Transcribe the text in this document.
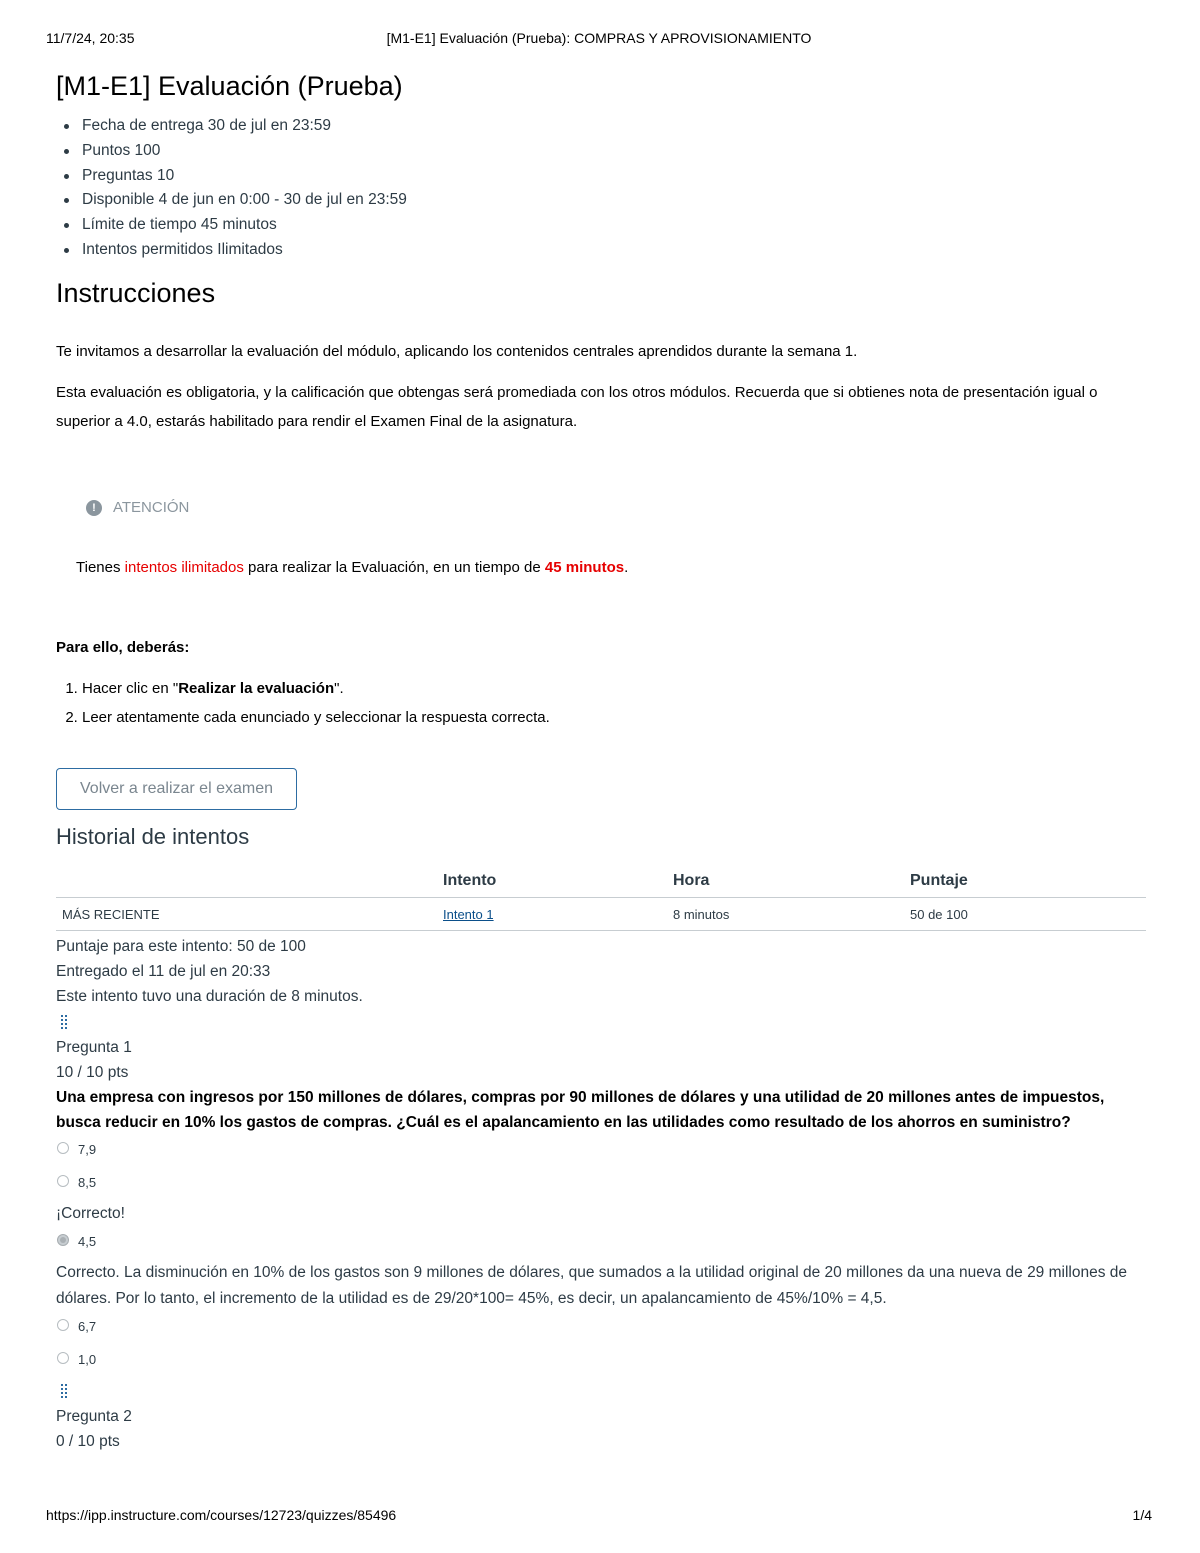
11/7/24, 20:35	[M1-E1] Evaluación (Prueba): COMPRAS Y APROVISIONAMIENTO
[M1-E1] Evaluación (Prueba)
Fecha de entrega 30 de jul en 23:59
Puntos 100
Preguntas 10
Disponible 4 de jun en 0:00 - 30 de jul en 23:59
Límite de tiempo 45 minutos
Intentos permitidos Ilimitados
Instrucciones

Te invitamos a desarrollar la evaluación del módulo, aplicando los contenidos centrales aprendidos durante la semana 1.

Esta evaluación es obligatoria, y la calificación que obtengas será promediada con los otros módulos. Recuerda que si obtienes nota de presentación igual o superior a 4.0, estarás habilitado para rendir el Examen Final de la asignatura.

!	ATENCIÓN
Tienes intentos ilimitados para realizar la Evaluación, en un tiempo de 45 minutos.
Para ello, deberás:
1. Hacer clic en "Realizar la evaluación".
2. Leer atentamente cada enunciado y seleccionar la respuesta correcta.
Volver a realizar el examen
Historial de intentos
	Intento	Hora	Puntaje
MÁS RECIENTE	Intento 1	8 minutos	50 de 100
Puntaje para este intento: 50 de 100
Entregado el 11 de jul en 20:33
Este intento tuvo una duración de 8 minutos.
Pregunta 1
10 / 10 pts
Una empresa con ingresos por 150 millones de dólares, compras por 90 millones de dólares y una utilidad de 20 millones antes de impuestos, busca reducir en 10% los gastos de compras. ¿Cuál es el apalancamiento en las utilidades como resultado de los ahorros en suministro?
7,9
8,5
¡Correcto!
4,5
Correcto. La disminución en 10% de los gastos son 9 millones de dólares, que sumados a la utilidad original de 20 millones da una nueva de 29 millones de dólares. Por lo tanto, el incremento de la utilidad es de 29/20*100= 45%, es decir, un apalancamiento de 45%/10% = 4,5.
6,7
1,0
Pregunta 2
0 / 10 pts
https://ipp.instructure.com/courses/12723/quizzes/85496	1/4
